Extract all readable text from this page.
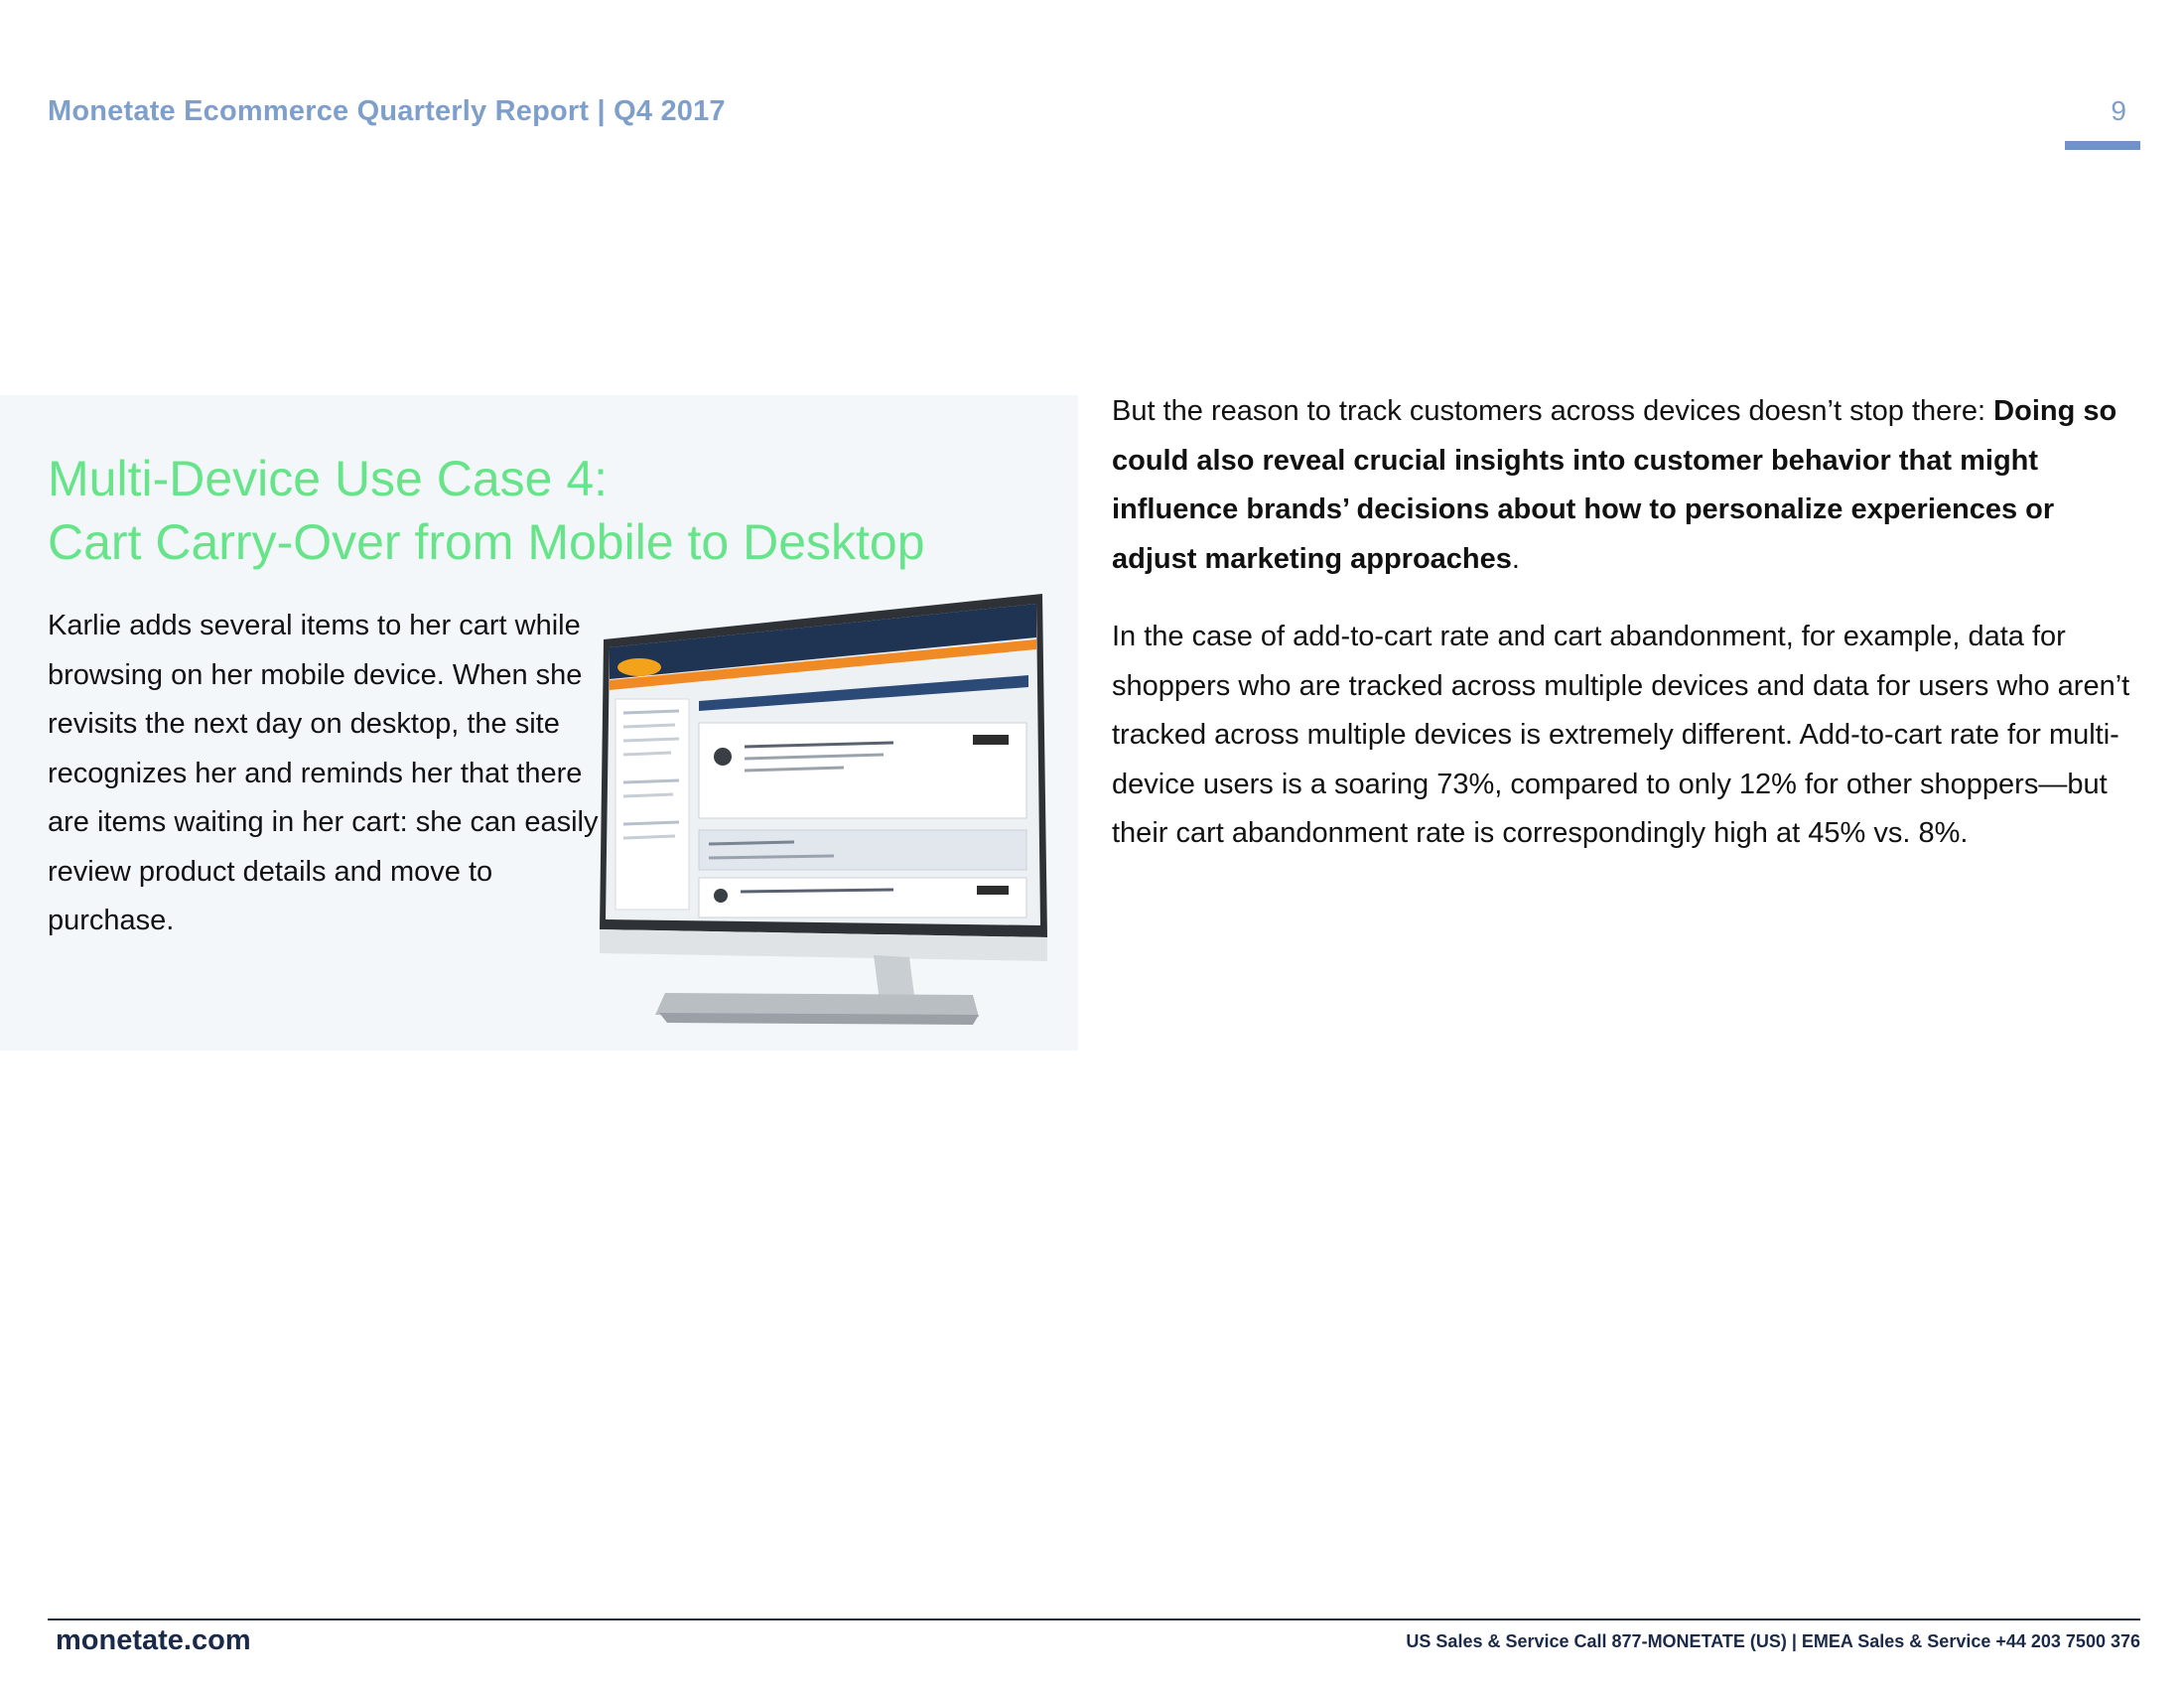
Monetate Ecommerce Quarterly Report | Q4 2017	9
Multi-Device Use Case 4:
Cart Carry-Over from Mobile to Desktop
Karlie adds several items to her cart while browsing on her mobile device. When she revisits the next day on desktop, the site recognizes her and reminds her that there are items waiting in her cart: she can easily review product details and move to purchase.

But the reason to track customers across devices doesn’t stop there: Doing so could also reveal crucial insights into customer behavior that might influence brands’ decisions about how to personalize experiences or adjust marketing approaches.

In the case of add-to-cart rate and cart abandonment, for example, data for shoppers who are tracked across multiple devices and data for users who aren’t tracked across multiple devices is extremely different. Add-to-cart rate for multi-device users is a soaring 73%, compared to only 12% for other shoppers—but their cart abandonment rate is correspondingly high at 45% vs. 8%.

monetate.com	US Sales & Service Call 877-MONETATE (US) | EMEA Sales & Service +44 203 7500 376
